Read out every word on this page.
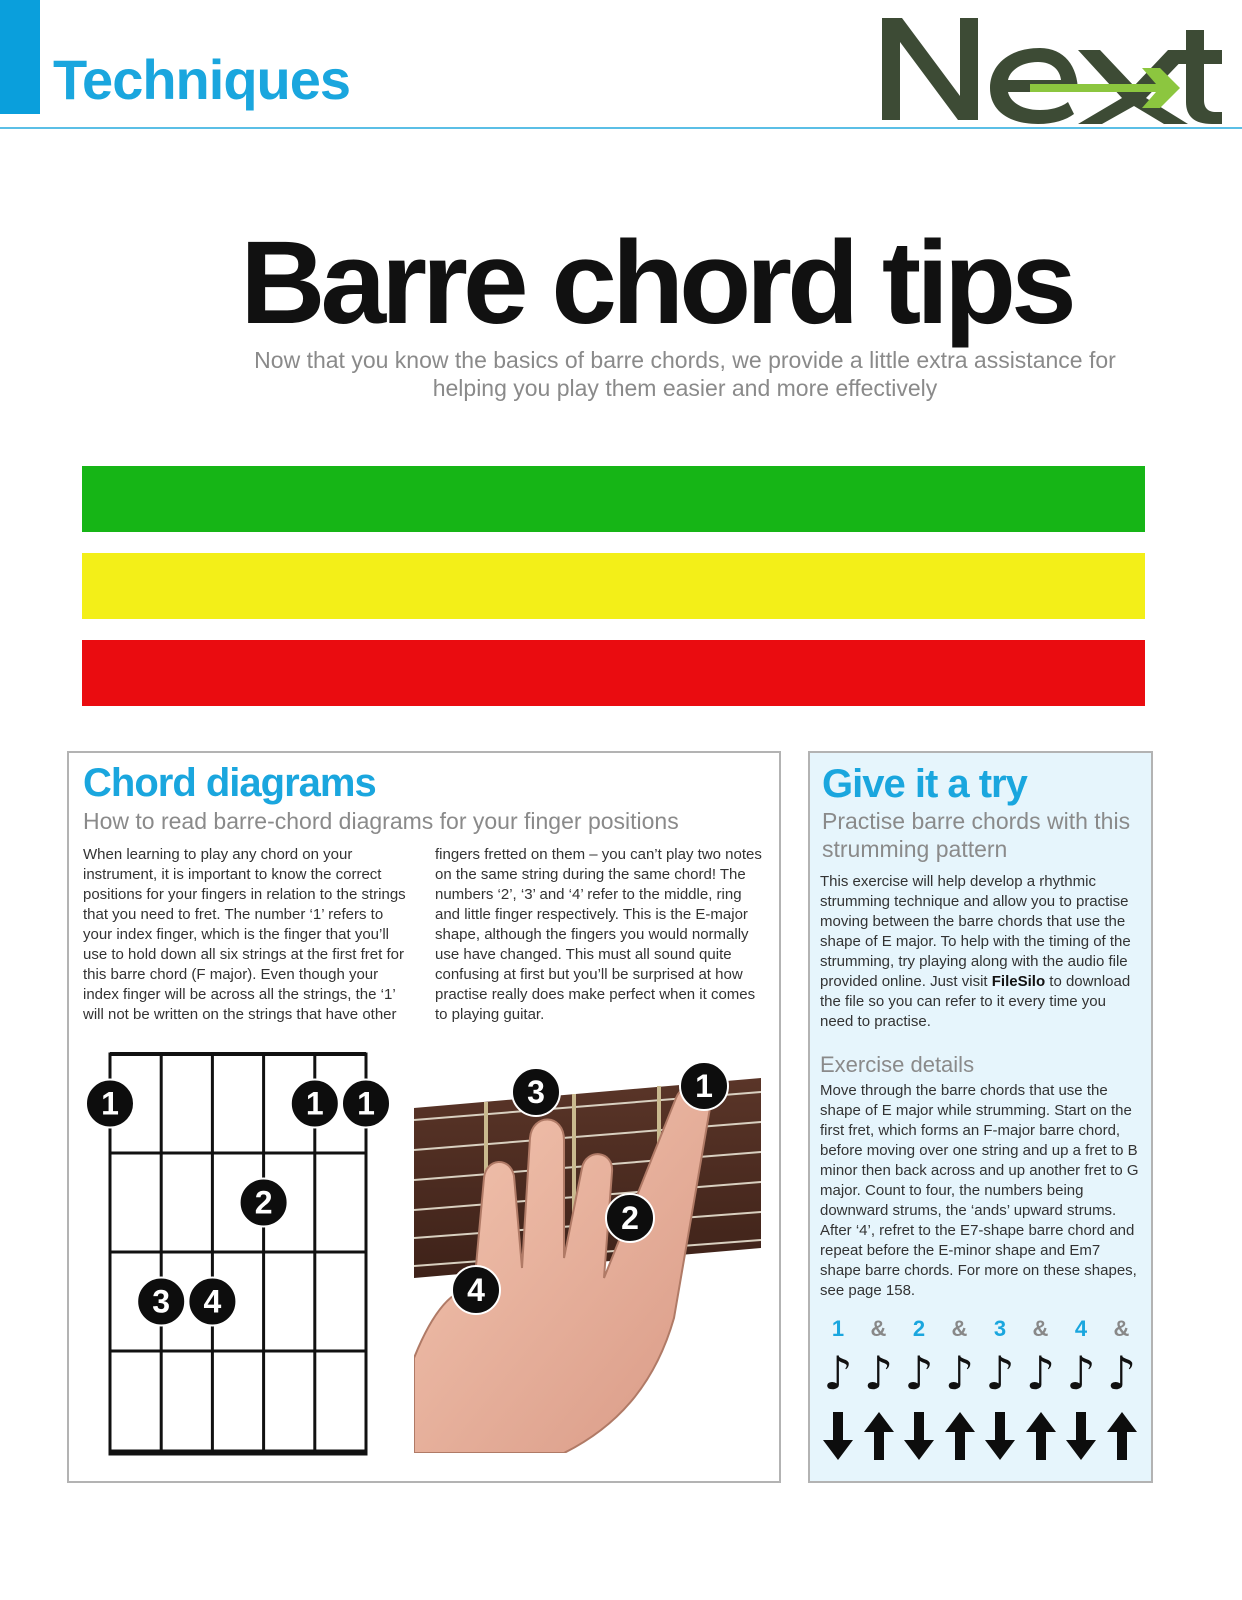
Techniques
Barre chord tips
Now that you know the basics of barre chords, we provide a little extra assistance for helping you play them easier and more effectively
Chord diagrams
How to read barre-chord diagrams for your finger positions
When learning to play any chord on your instrument, it is important to know the correct positions for your fingers in relation to the strings that you need to fret. The number ‘1’ refers to your index finger, which is the finger that you’ll use to hold down all six strings at the first fret for this barre chord (F major). Even though your index finger will be across all the strings, the ‘1’ will not be written on the strings that have other
fingers fretted on them – you can’t play two notes on the same string during the same chord! The numbers ‘2’, ‘3’ and ‘4’ refer to the middle, ring and little finger respectively. This is the E-major shape, although the fingers you would normally use have changed. This must all sound quite confusing at first but you’ll be surprised at how practise really does make perfect when it comes to playing guitar.
1	1 1
2
3 4
3	1
2
4
Give it a try
Practise barre chords with this strumming pattern
This exercise will help develop a rhythmic strumming technique and allow you to practise moving between the barre chords that use the shape of E major. To help with the timing of the strumming, try playing along with the audio file provided online. Just visit FileSilo to download the file so you can refer to it every time you need to practise.
Exercise details
Move through the barre chords that use the shape of E major while strumming. Start on the first fret, which forms an F-major barre chord, before moving over one string and up a fret to B minor then back across and up another fret to G major. Count to four, the numbers being downward strums, the ‘ands’ upward strums. After ‘4’, refret to the E7-shape barre chord and repeat before the E-minor shape and Em7 shape barre chords. For more on these shapes, see page 158.
1
♪
&
♪
2
♪
&
♪
3
♪
&
♪
4
♪
&
♪
